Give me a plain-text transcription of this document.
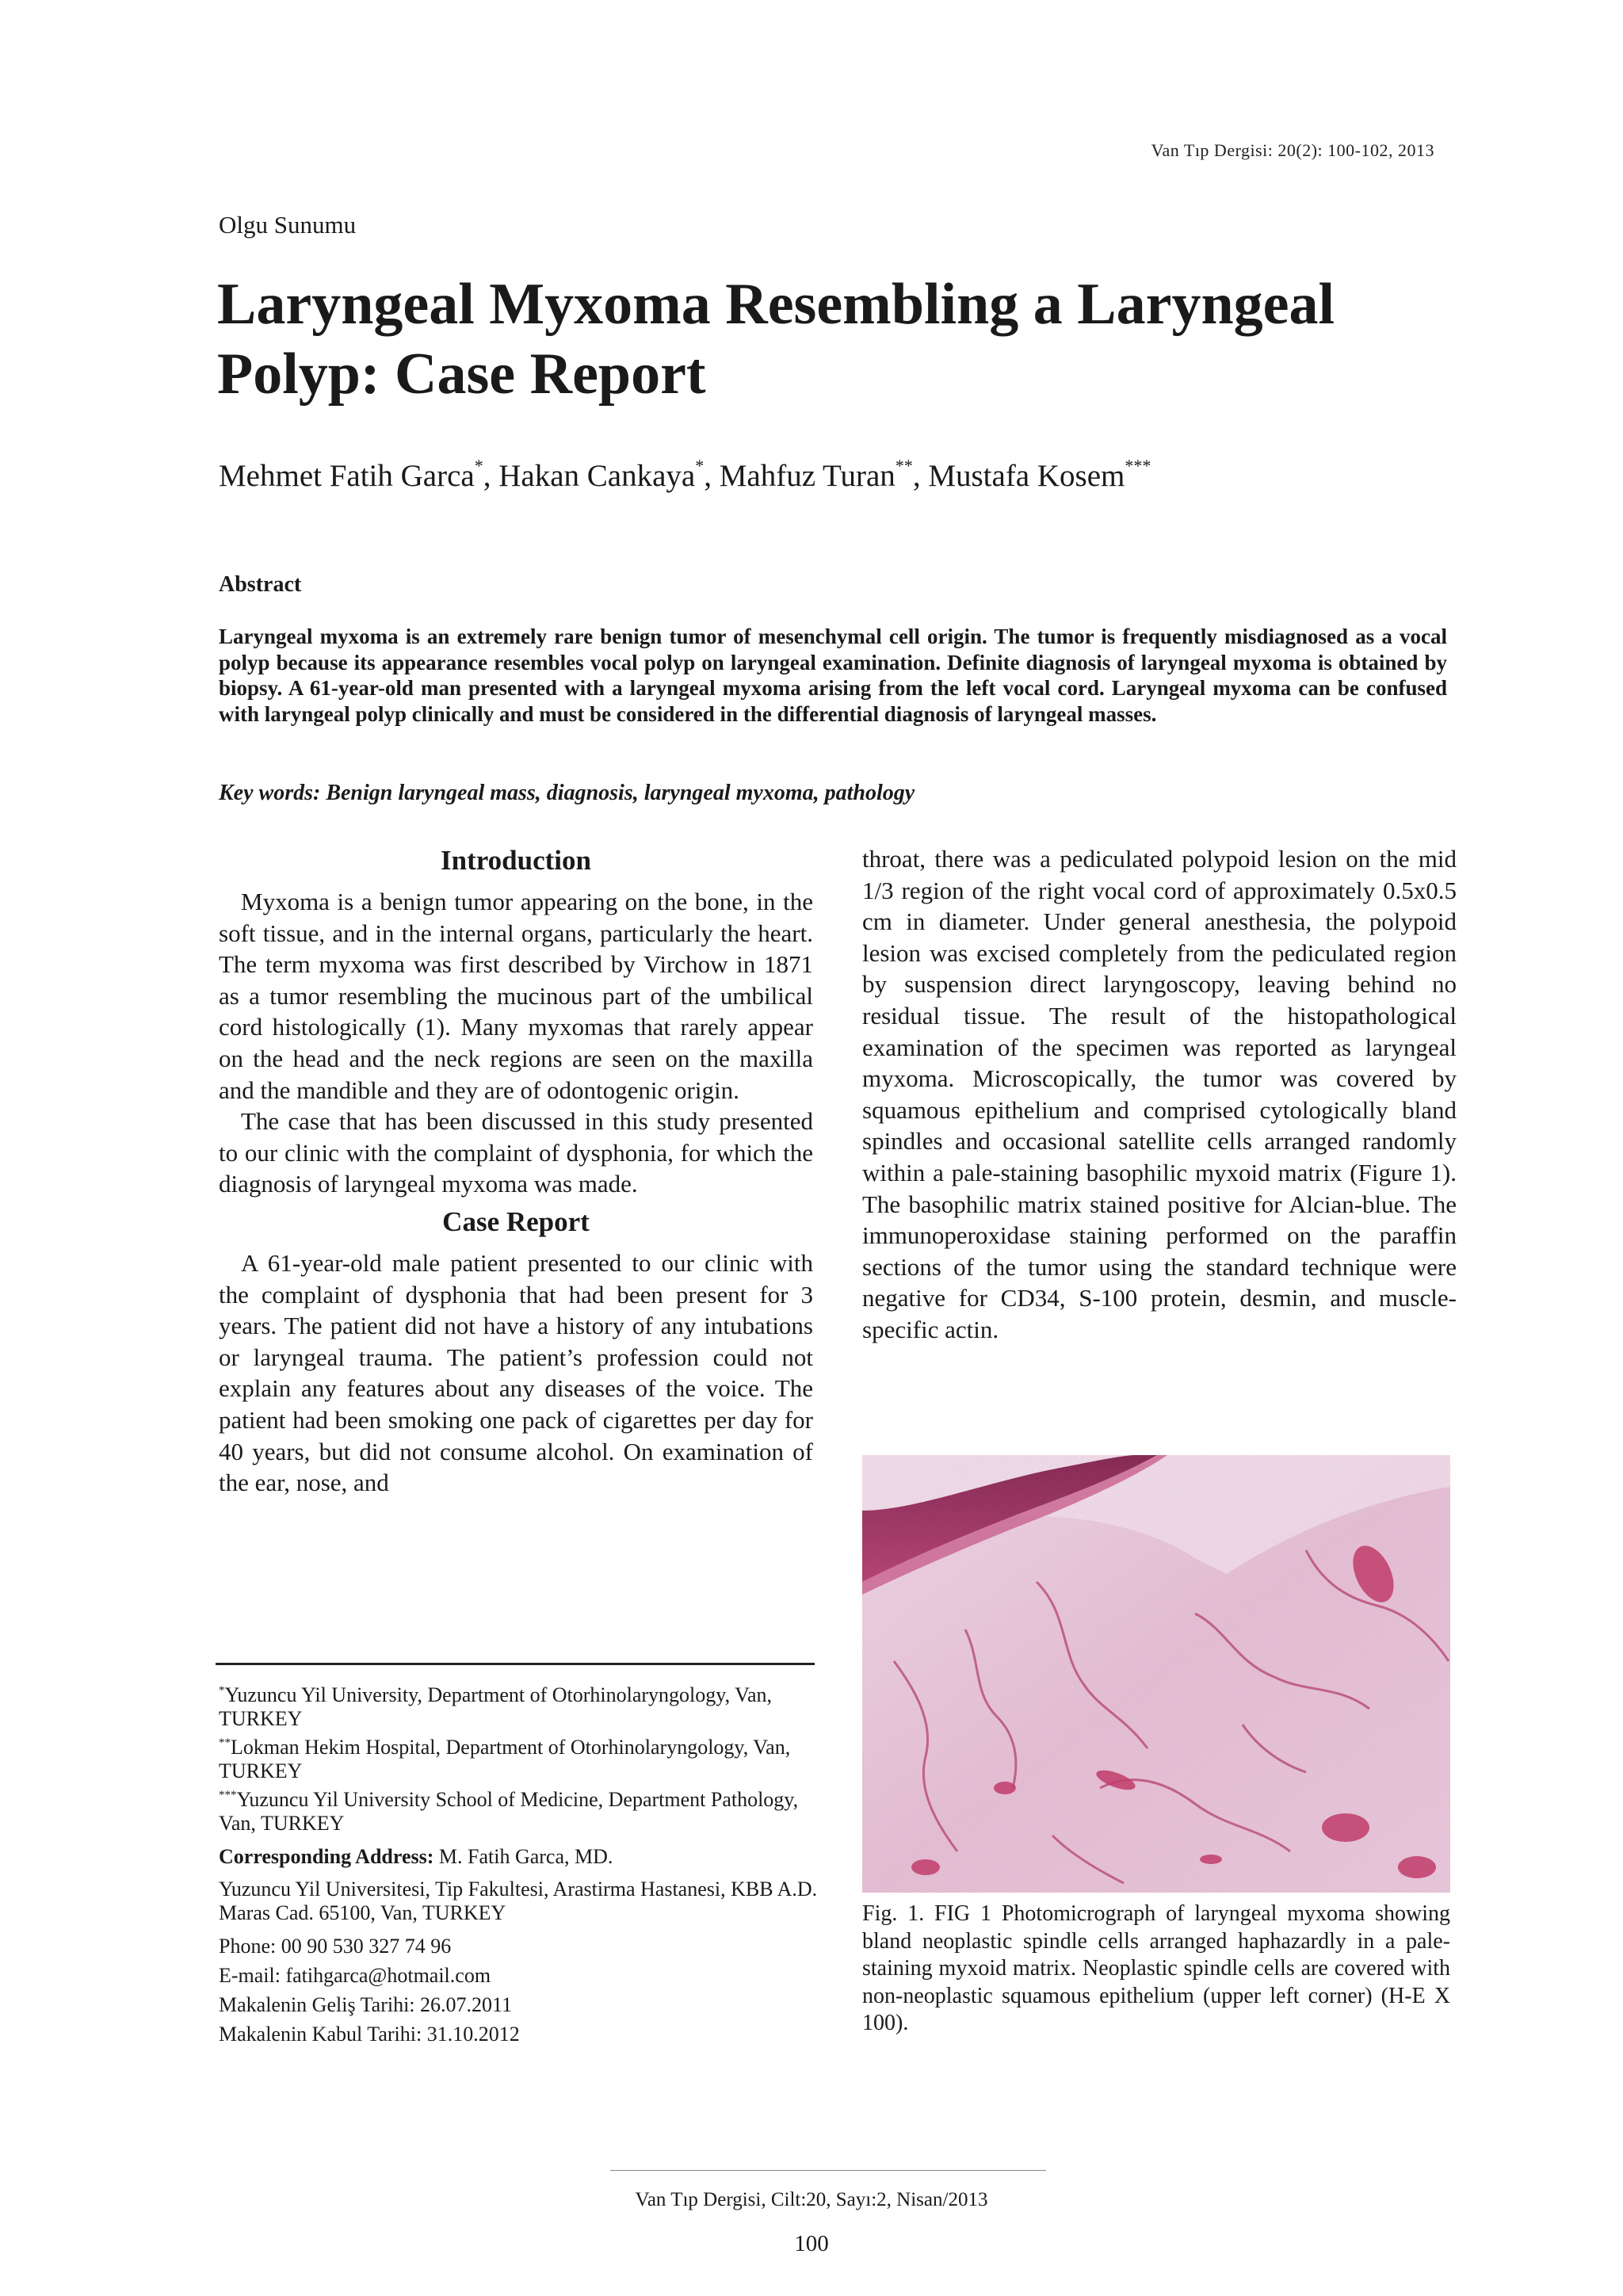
Van Tıp Dergisi: 20(2): 100-102, 2013
Olgu Sunumu
Laryngeal Myxoma Resembling a Laryngeal Polyp: Case Report
Mehmet Fatih Garca*, Hakan Cankaya*, Mahfuz Turan**, Mustafa Kosem***
Abstract

Laryngeal myxoma is an extremely rare benign tumor of mesenchymal cell origin. The tumor is frequently misdiagnosed as a vocal polyp because its appearance resembles vocal polyp on laryngeal examination. Definite diagnosis of laryngeal myxoma is obtained by biopsy. A 61-year-old man presented with a laryngeal myxoma arising from the left vocal cord. Laryngeal myxoma can be confused with laryngeal polyp clinically and must be considered in the differential diagnosis of laryngeal masses.

Key words: Benign laryngeal mass, diagnosis, laryngeal myxoma, pathology
Introduction

Myxoma is a benign tumor appearing on the bone, in the soft tissue, and in the internal organs, particularly the heart. The term myxoma was first described by Virchow in 1871 as a tumor resembling the mucinous part of the umbilical cord histologically (1). Many myxomas that rarely appear on the head and the neck regions are seen on the maxilla and the mandible and they are of odontogenic origin.

The case that has been discussed in this study presented to our clinic with the complaint of dysphonia, for which the diagnosis of laryngeal myxoma was made.

Case Report

A 61-year-old male patient presented to our clinic with the complaint of dysphonia that had been present for 3 years. The patient did not have a history of any intubations or laryngeal trauma. The patient’s profession could not explain any features about any diseases of the voice. The patient had been smoking one pack of cigarettes per day for 40 years, but did not consume alcohol. On examination of the ear, nose, and

throat, there was a pediculated polypoid lesion on the mid 1/3 region of the right vocal cord of approximately 0.5x0.5 cm in diameter. Under general anesthesia, the polypoid lesion was excised completely from the pediculated region by suspension direct laryngoscopy, leaving behind no residual tissue. The result of the histopathological examination of the specimen was reported as laryngeal myxoma. Microscopically, the tumor was covered by squamous epithelium and comprised cytologically bland spindles and occasional satellite cells arranged randomly within a pale-staining basophilic myxoid matrix (Figure 1). The basophilic matrix stained positive for Alcian-blue. The immunoperoxidase staining performed on the paraffin sections of the tumor using the standard technique were negative for CD34, S-100 protein, desmin, and muscle-specific actin.

*Yuzuncu Yil University, Department of Otorhinolaryngology, Van, TURKEY

**Lokman Hekim Hospital, Department of Otorhinolaryngology, Van, TURKEY

***Yuzuncu Yil University School of Medicine, Department Pathology, Van, TURKEY

Corresponding Address: M. Fatih Garca, MD.

Yuzuncu Yil Universitesi, Tip Fakultesi, Arastirma Hastanesi, KBB A.D. Maras Cad. 65100, Van, TURKEY

Phone: 00 90 530 327 74 96

E-mail: fatihgarca@hotmail.com

Makalenin Geliş Tarihi: 26.07.2011

Makalenin Kabul Tarihi: 31.10.2012

Fig. 1. FIG 1 Photomicrograph of laryngeal myxoma showing bland neoplastic spindle cells arranged haphazardly in a pale-staining myxoid matrix. Neoplastic spindle cells are covered with non-neoplastic squamous epithelium (upper left corner) (H-E X 100).

Van Tıp Dergisi, Cilt:20, Sayı:2, Nisan/2013
100
